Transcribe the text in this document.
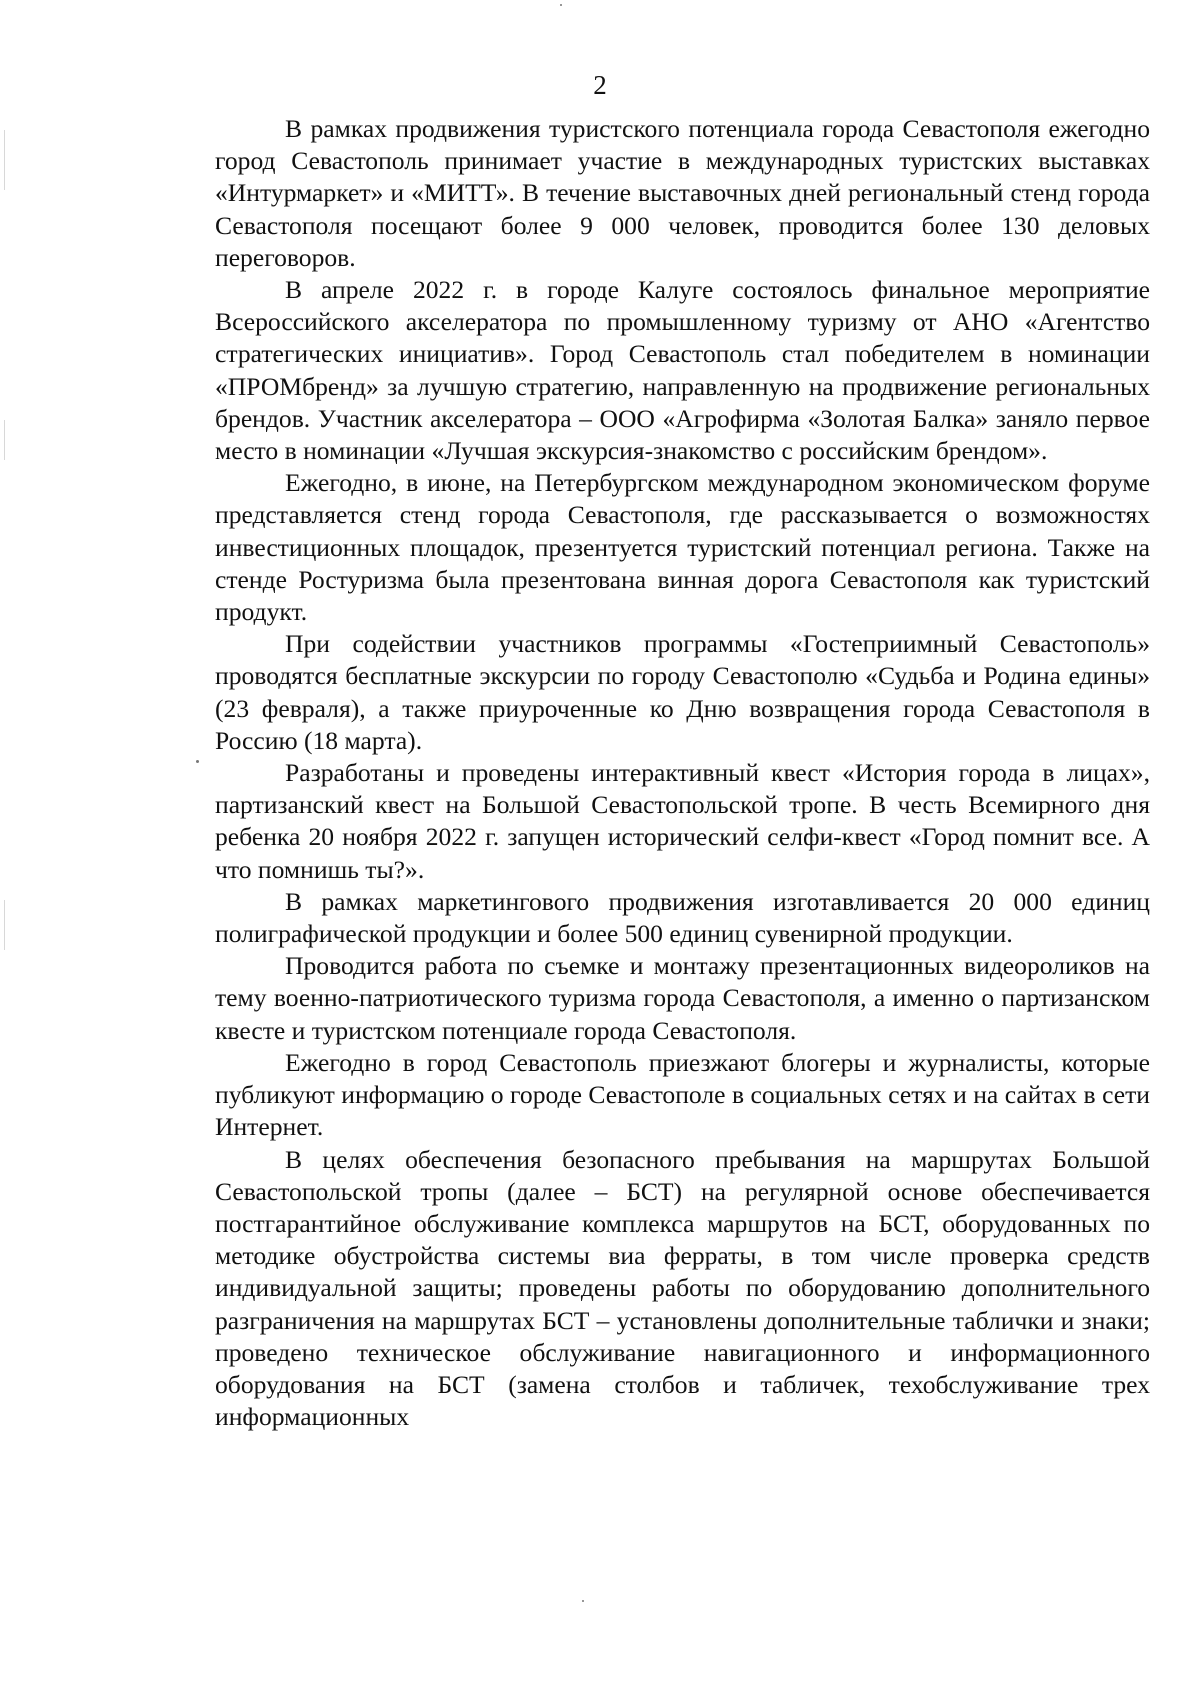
2

В рамках продвижения туристского потенциала города Севастополя ежегодно город Севастополь принимает участие в международных туристских выставках «Интурмаркет» и «МИТТ». В течение выставочных дней региональный стенд города Севастополя посещают более 9 000 человек, проводится более 130 деловых переговоров.

В апреле 2022 г. в городе Калуге состоялось финальное мероприятие Всероссийского акселератора по промышленному туризму от АНО «Агентство стратегических инициатив». Город Севастополь стал победителем в номинации «ПРОМбренд» за лучшую стратегию, направленную на продвижение региональных брендов. Участник акселератора – ООО «Агрофирма «Золотая Балка» заняло первое место в номинации «Лучшая экскурсия-знакомство с российским брендом».

Ежегодно, в июне, на Петербургском международном экономическом форуме представляется стенд города Севастополя, где рассказывается о возможностях инвестиционных площадок, презентуется туристский потенциал региона. Также на стенде Ростуризма была презентована винная дорога Севастополя как туристский продукт.

При содействии участников программы «Гостеприимный Севастополь» проводятся бесплатные экскурсии по городу Севастополю «Судьба и Родина едины» (23 февраля), а также приуроченные ко Дню возвращения города Севастополя в Россию (18 марта).

Разработаны и проведены интерактивный квест «История города в лицах», партизанский квест на Большой Севастопольской тропе. В честь Всемирного дня ребенка 20 ноября 2022 г. запущен исторический селфи-квест «Город помнит все. А что помнишь ты?».

В рамках маркетингового продвижения изготавливается 20 000 единиц полиграфической продукции и более 500 единиц сувенирной продукции.

Проводится работа по съемке и монтажу презентационных видеороликов на тему военно-патриотического туризма города Севастополя, а именно о партизанском квесте и туристском потенциале города Севастополя.

Ежегодно в город Севастополь приезжают блогеры и журналисты, которые публикуют информацию о городе Севастополе в социальных сетях и на сайтах в сети Интернет.

В целях обеспечения безопасного пребывания на маршрутах Большой Севастопольской тропы (далее – БСТ) на регулярной основе обеспечивается постгарантийное обслуживание комплекса маршрутов на БСТ, оборудованных по методике обустройства системы виа ферраты, в том числе проверка средств индивидуальной защиты; проведены работы по оборудованию дополнительного разграничения на маршрутах БСТ – установлены дополнительные таблички и знаки; проведено техническое обслуживание навигационного и информационного оборудования на БСТ (замена столбов и табличек, техобслуживание трех информационных
